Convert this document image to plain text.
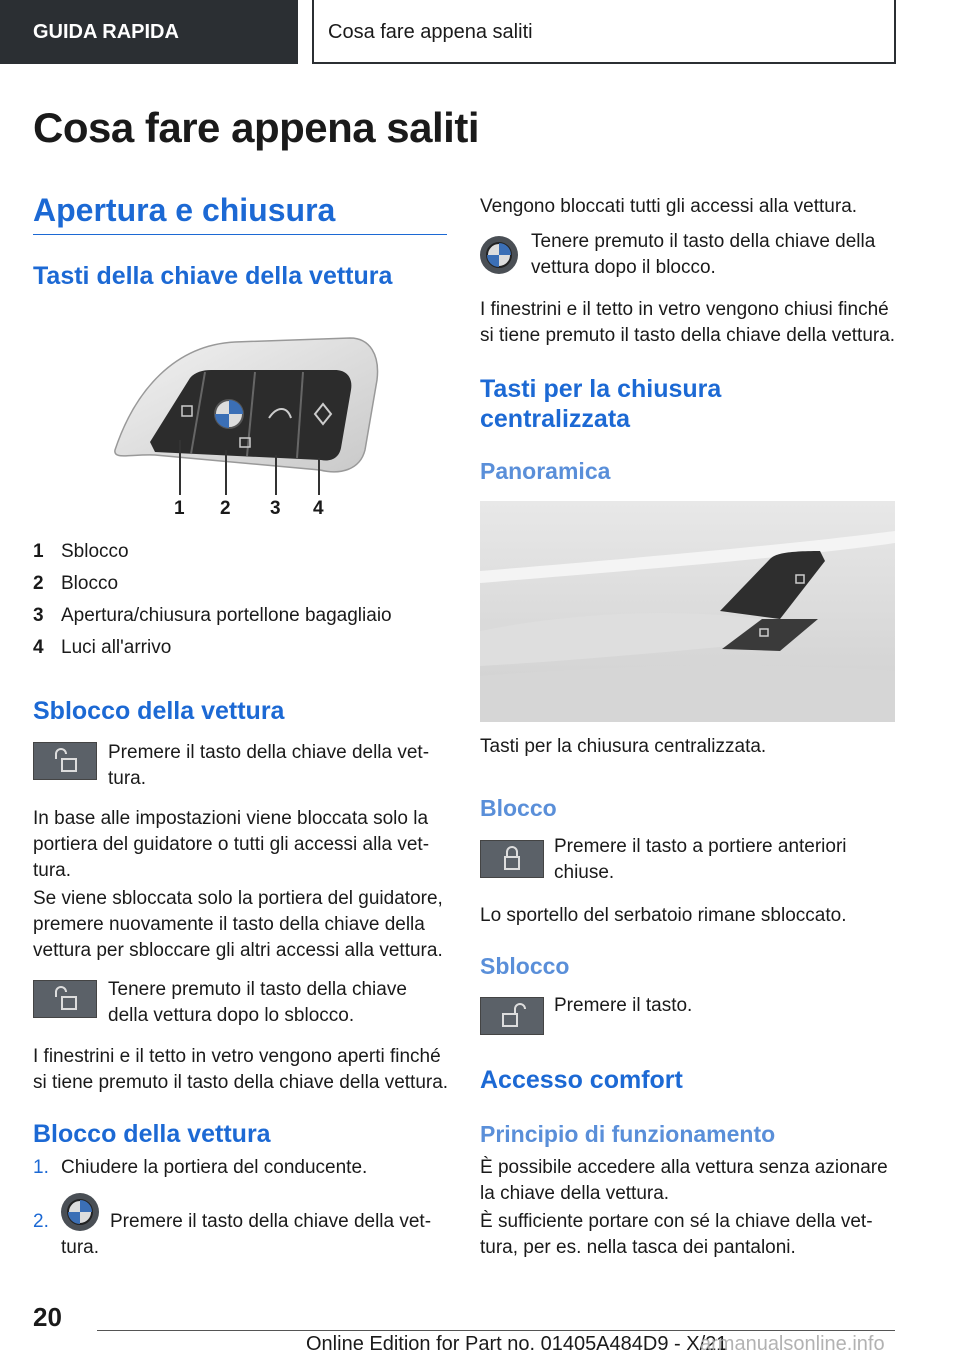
GUIDA RAPIDA	Cosa fare appena saliti
Cosa fare appena saliti
Apertura e chiusura
Tasti della chiave della vettura
1 2 3 4
1 Sblocco
2 Blocco
3 Apertura/chiusura portellone bagagliaio
4 Luci all'arrivo
Sblocco della vettura
Premere il tasto della chiave della vet-
tura.
In base alle impostazioni viene bloccata solo la
portiera del guidatore o tutti gli accessi alla vet-
tura.
Se viene sbloccata solo la portiera del guidatore,
premere nuovamente il tasto della chiave della
vettura per sbloccare gli altri accessi alla vettura.
Tenere premuto il tasto della chiave
della vettura dopo lo sblocco.
I finestrini e il tetto in vetro vengono aperti finché
si tiene premuto il tasto della chiave della vettura.
Blocco della vettura
1. Chiudere la portiera del conducente.
2.	Premere il tasto della chiave della vet-
tura.
Vengono bloccati tutti gli accessi alla vettura.
Tenere premuto il tasto della chiave della
vettura dopo il blocco.
I finestrini e il tetto in vetro vengono chiusi finché
si tiene premuto il tasto della chiave della vettura.
Tasti per la chiusura
centralizzata
Panoramica
Tasti per la chiusura centralizzata.
Blocco
Premere il tasto a portiere anteriori
chiuse.
Lo sportello del serbatoio rimane sbloccato.
Sblocco
Premere il tasto.
Accesso comfort
Principio di funzionamento
È possibile accedere alla vettura senza azionare
la chiave della vettura.
È sufficiente portare con sé la chiave della vet-
tura, per es. nella tasca dei pantaloni.
20
Online Edition for Part no. 01405A484D9 - X/21
armanualsonline.info
